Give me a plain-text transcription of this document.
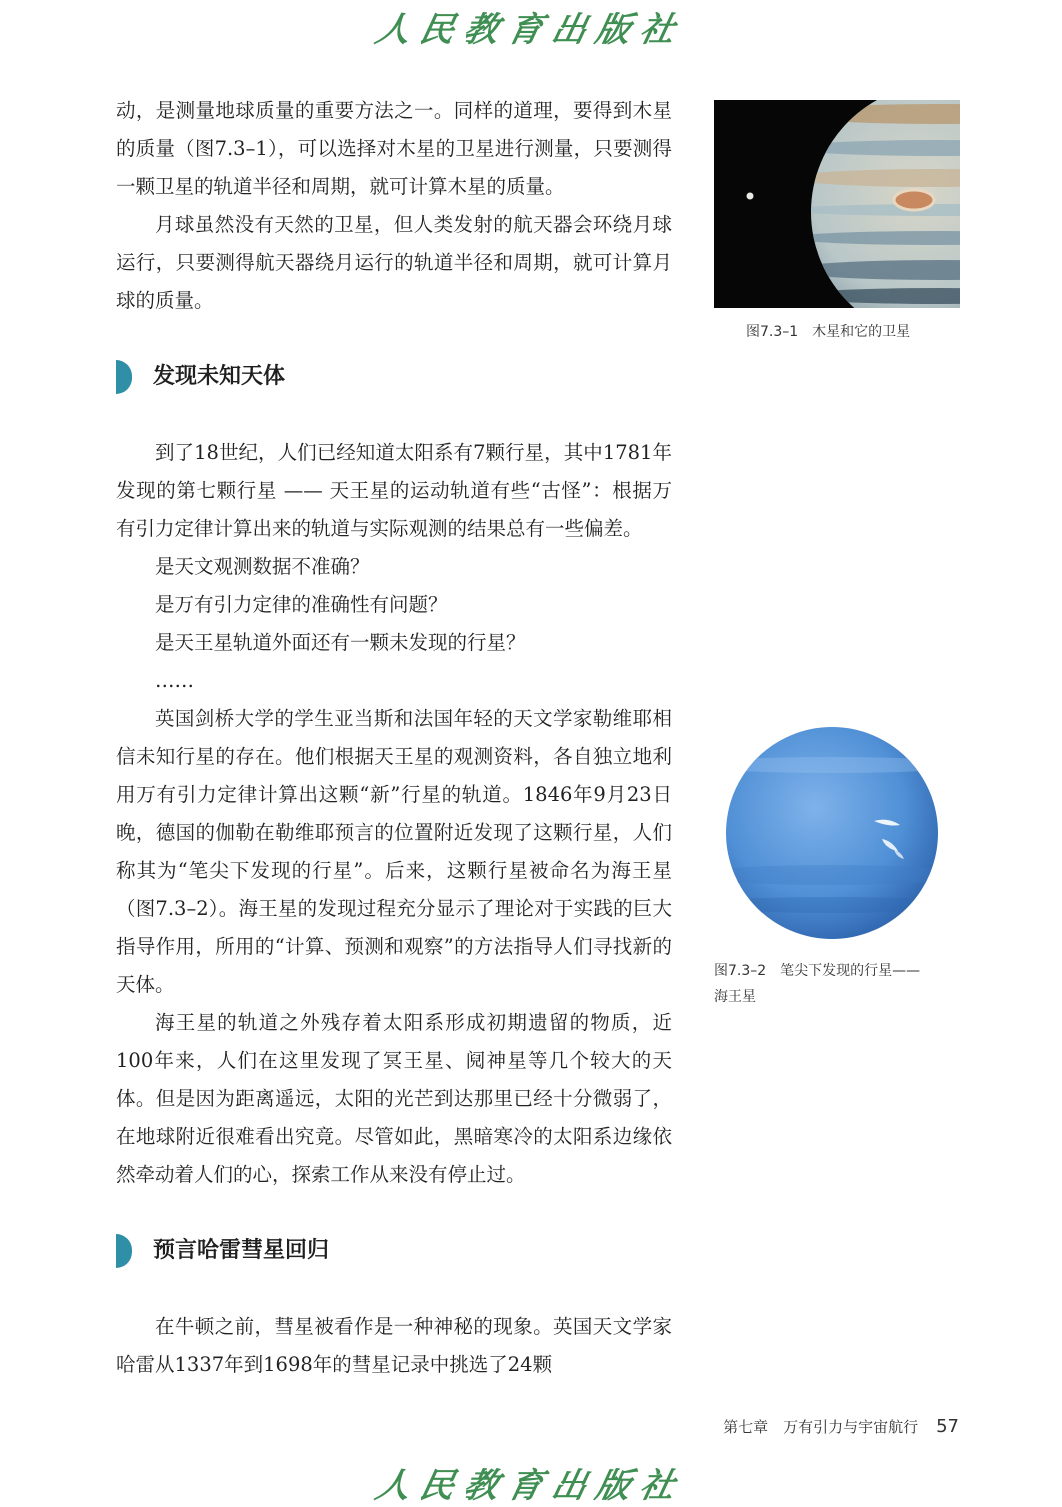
人民教育出版社

动，是测量地球质量的重要方法之一。同样的道理，要得到木星的质量（图7.3–1），可以选择对木星的卫星进行测量，只要测得一颗卫星的轨道半径和周期，就可计算木星的质量。

月球虽然没有天然的卫星，但人类发射的航天器会环绕月球运行，只要测得航天器绕月运行的轨道半径和周期，就可计算月球的质量。

发现未知天体

到了18世纪，人们已经知道太阳系有7颗行星，其中1781年发现的第七颗行星 —— 天王星的运动轨道有些“古怪”：根据万有引力定律计算出来的轨道与实际观测的结果总有一些偏差。

是天文观测数据不准确？

是万有引力定律的准确性有问题？

是天王星轨道外面还有一颗未发现的行星？

……

英国剑桥大学的学生亚当斯和法国年轻的天文学家勒维耶相信未知行星的存在。他们根据天王星的观测资料，各自独立地利用万有引力定律计算出这颗“新”行星的轨道。1846年9月23日晚，德国的伽勒在勒维耶预言的位置附近发现了这颗行星，人们称其为“笔尖下发现的行星”。后来，这颗行星被命名为海王星（图7.3–2）。海王星的发现过程充分显示了理论对于实践的巨大指导作用，所用的“计算、预测和观察”的方法指导人们寻找新的天体。

海王星的轨道之外残存着太阳系形成初期遗留的物质，近100年来，人们在这里发现了冥王星、阋神星等几个较大的天体。但是因为距离遥远，太阳的光芒到达那里已经十分微弱了，在地球附近很难看出究竟。尽管如此，黑暗寒冷的太阳系边缘依然牵动着人们的心，探索工作从来没有停止过。

预言哈雷彗星回归

在牛顿之前，彗星被看作是一种神秘的现象。英国天文学家哈雷从1337年到1698年的彗星记录中挑选了24颗

图7.3–1　木星和它的卫星
图7.3–2　笔尖下发现的行星——
海王星
第七章　万有引力与宇宙航行 57
人民教育出版社
